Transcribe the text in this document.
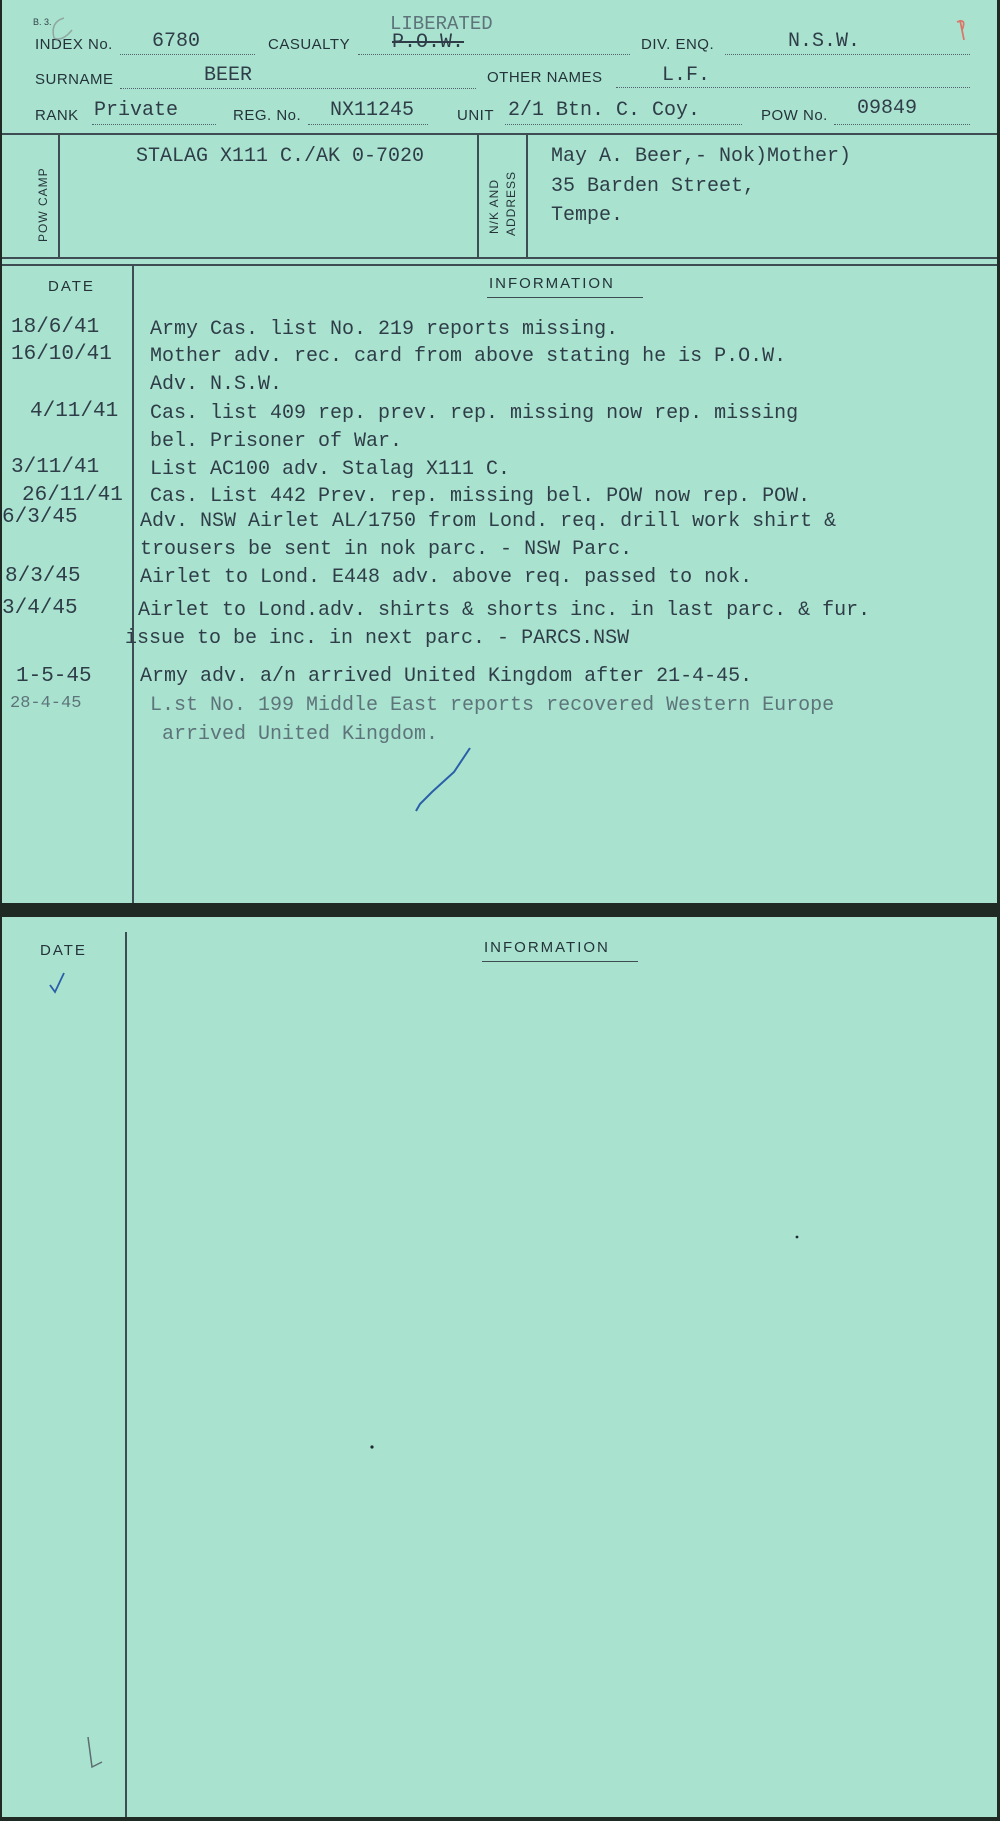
B. 3.
INDEX No. 6780	CASUALTY P.O.W.
LIBERATED
DIV. ENQ.	N.S.W.
SURNAME	BEER	OTHER NAMES	L.F.
RANK Private	REG. No. NX11245	UNIT 2/1 Btn. C. Coy.	POW No. 09849
POW CAMP
STALAG X111 C./AK 0-7020
N/K AND ADDRESS
May A. Beer,- Nok)Mother)
35 Barden Street,
Tempe.
DATE	INFORMATION
18/6/41	Army Cas. list No. 219 reports missing.
16/10/41 Mother adv. rec. card from above stating he is P.O.W.
Adv. N.S.W.
4/11/41 Cas. list 409 rep. prev. rep. missing now rep. missing
bel. Prisoner of War.
3/11/41	List AC100 adv. Stalag X111 C.
26/11/41 Cas. List 442 Prev. rep. missing bel. POW now rep. POW.
6/3/45	Adv. NSW Airlet AL/1750 from Lond. req. drill work shirt &
trousers be sent in nok parc. - NSW Parc.
8/3/45	Airlet to Lond. E448 adv. above req. passed to nok.
3/4/45	Airlet to Lond.adv. shirts & shorts inc. in last parc. & fur.
issue to be inc. in next parc. - PARCS.NSW
1-5-45 Army adv. a/n arrived United Kingdom after 21-4-45.
28-4-45	L.st No. 199 Middle East reports recovered Western Europe
arrived United Kingdom.
DATE	INFORMATION
